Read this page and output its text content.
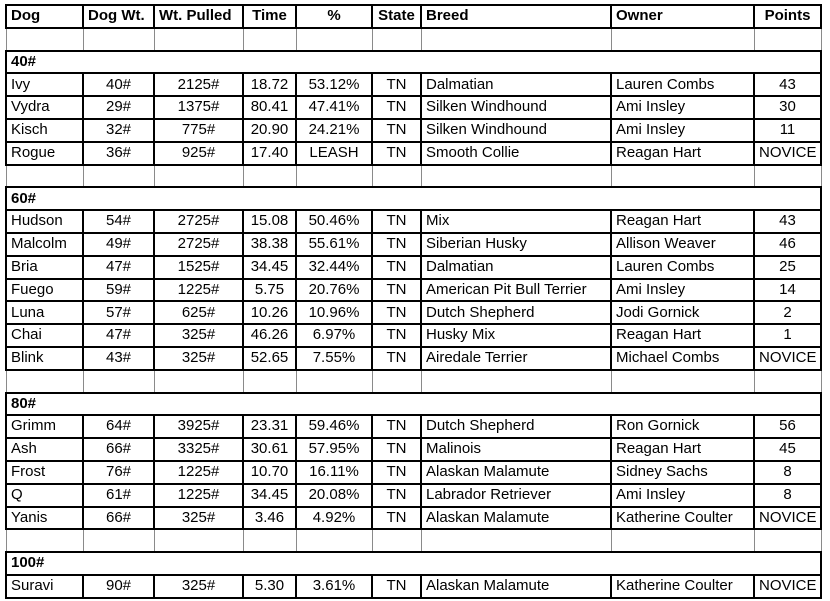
Dog	Dog Wt.	Wt. Pulled	Time	%	State	Breed	Owner	Points

40#								
Ivy	40#	2125#	18.72	53.12%	TN	Dalmatian	Lauren Combs	43
Vydra	29#	1375#	80.41	47.41%	TN	Silken Windhound	Ami Insley	30
Kisch	32#	775#	20.90	24.21%	TN	Silken Windhound	Ami Insley	11
Rogue	36#	925#	17.40	LEASH	TN	Smooth Collie	Reagan Hart	NOVICE

60#								
Hudson	54#	2725#	15.08	50.46%	TN	Mix	Reagan Hart	43
Malcolm	49#	2725#	38.38	55.61%	TN	Siberian Husky	Allison Weaver	46
Bria	47#	1525#	34.45	32.44%	TN	Dalmatian	Lauren Combs	25
Fuego	59#	1225#	5.75	20.76%	TN	American Pit Bull Terrier	Ami Insley	14
Luna	57#	625#	10.26	10.96%	TN	Dutch Shepherd	Jodi Gornick	2
Chai	47#	325#	46.26	6.97%	TN	Husky Mix	Reagan Hart	1
Blink	43#	325#	52.65	7.55%	TN	Airedale Terrier	Michael Combs	NOVICE

80#								
Grimm	64#	3925#	23.31	59.46%	TN	Dutch Shepherd	Ron Gornick	56
Ash	66#	3325#	30.61	57.95%	TN	Malinois	Reagan Hart	45
Frost	76#	1225#	10.70	16.11%	TN	Alaskan Malamute	Sidney Sachs	8
Q	61#	1225#	34.45	20.08%	TN	Labrador Retriever	Ami Insley	8
Yanis	66#	325#	3.46	4.92%	TN	Alaskan Malamute	Katherine Coulter	NOVICE

100#								
Suravi	90#	325#	5.30	3.61%	TN	Alaskan Malamute	Katherine Coulter	NOVICE
